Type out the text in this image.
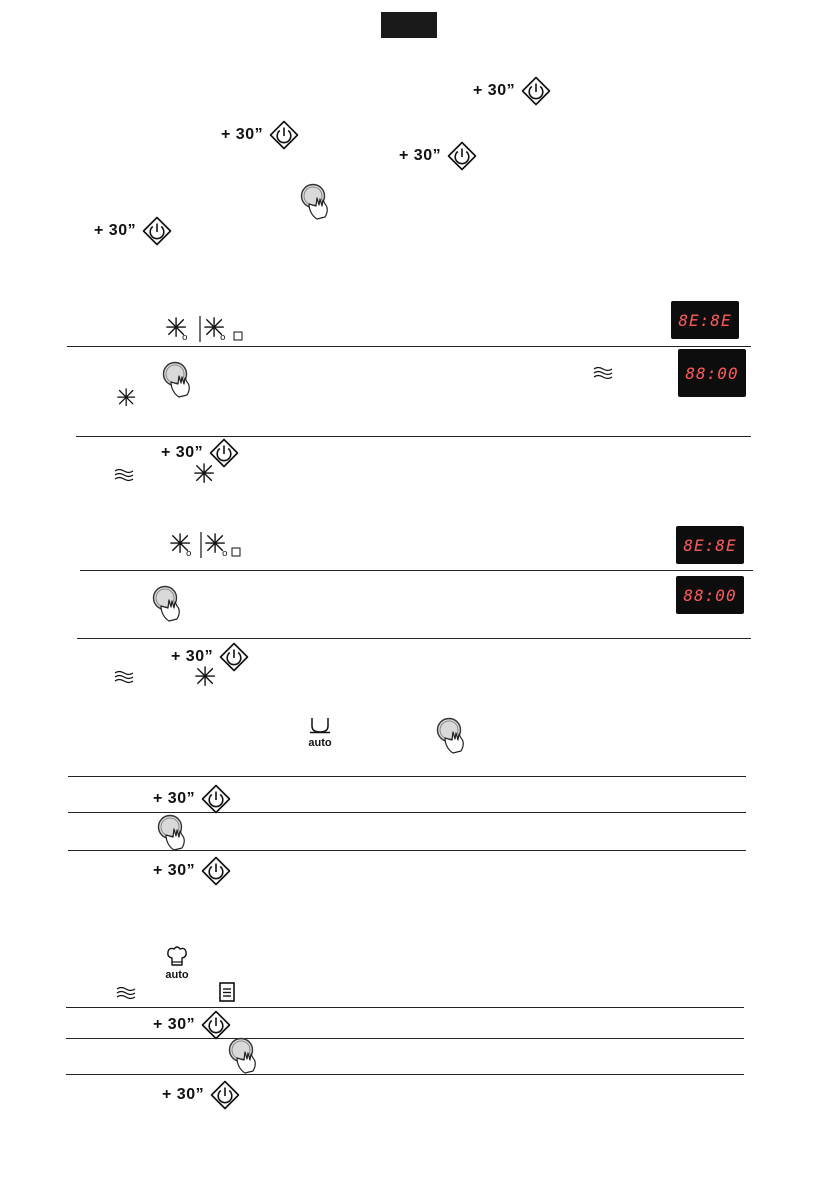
+ 30”
+ 30”
+ 30”
+ 30”
o	o
8E:8E
88:00
+ 30”
o	o	8E:8E
88:00
+ 30”
auto
+ 30”
+ 30”
auto
+ 30”
+ 30”
